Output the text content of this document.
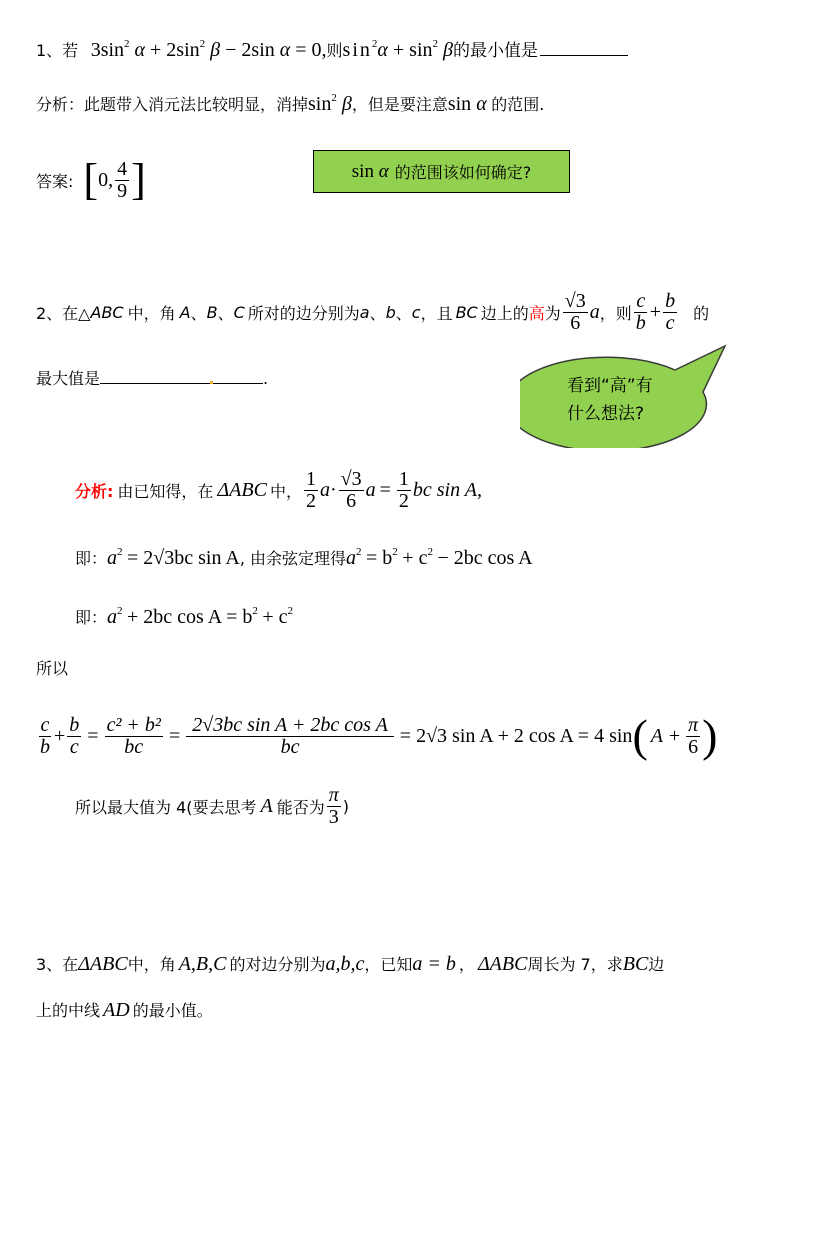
1、若 $3\sin^2$ $\alpha + 2\sin^2$ β − 2sin α = 0,则$\sin^2\alpha + \sin^2 \beta$的最小值是
分析：此题带入消元法比较明显，消掉$\sin^2 \beta$，但是要注意sin α 的范围.
答案: [ 0, $\frac{4}{9}$ ]	sin α 的范围该如何确定?
2、在△ ABC 中，角 A 、 B 、 C 所对的边分别为 a 、 b 、 c ，且 BC 边上的 高 为 $\frac{√3}{6}$ a ，则 $\frac{c}{b} + \frac{b}{c}$ 的
最大值是	.	看到“高”有
什么想法?
分析: 由已知得，在 ΔABC 中， $\frac{1}{2}$ $a \cdot \frac{√3}{6}$ $a = \frac{1}{2}$ bc sin A,
即：$a^2 = 2√3bc$ sin A, 由余弦定理得$a^2 = b^2 + c^2 - 2bc$ cos A
即：$a^2 + 2bc$ $\cos A = b^2 + c^2$
所以
$\frac{c}{b} + \frac{b}{c} = \frac{\text{c² + b²}}{bc} = \frac{\text{2√3bc sin A + 2bc cos A}}{bc} = 2√3$ sin A + 2 cos A = 4 sin ( $A + \frac{\pi}{6}$ )
所以最大值为 4(要去思考 A 能否为 $\frac{\pi}{3}$ )
3、在ΔABC中，角 A,B,C 的对边分别为a,b,c，已知a = b ， ΔABC周长为 7，求BC边
上的中线 AD 的最小值。
